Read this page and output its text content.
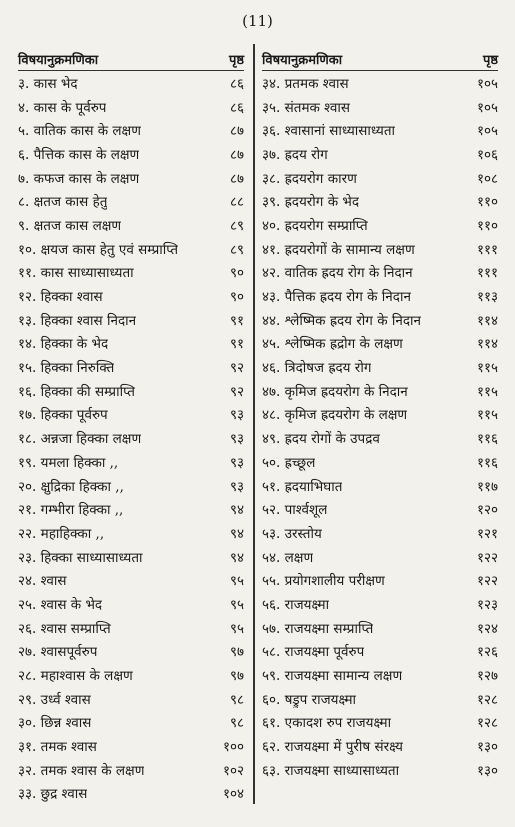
(11)
विषयानुक्रमणिका	पृष्ठ
३. कास भेद	८६
४. कास के पूर्वरुप	८६
५. वातिक कास के लक्षण	८७
६. पैत्तिक कास के लक्षण	८७
७. कफज कास के लक्षण	८७
८. क्षतज कास हेतु	८८
९. क्षतज कास लक्षण	८९
१०. क्षयज कास हेतु एवं सम्प्राप्ति	८९
११. कास साध्यासाध्यता	९०
१२. हिक्का श्वास	९०
१३. हिक्का श्वास निदान	९१
१४. हिक्का के भेद	९१
१५. हिक्का निरुक्ति	९२
१६. हिक्का की सम्प्राप्ति	९२
१७. हिक्का पूर्वरुप	९३
१८. अन्नजा हिक्का लक्षण	९३
१९. यमला हिक्का ,,	९३
२०. क्षुद्रिका हिक्का ,,	९३
२१. गम्भीरा हिक्का ,,	९४
२२. महाहिक्का ,,	९४
२३. हिक्का साध्यासाध्यता	९४
२४. श्वास	९५
२५. श्वास के भेद	९५
२६. श्वास सम्प्राप्ति	९५
२७. श्वासपूर्वरुप	९७
२८. महाश्वास के लक्षण	९७
२९. उर्ध्व श्वास	९८
३०. छिन्न श्वास	९८
३१. तमक श्वास	१००
३२. तमक श्वास के लक्षण	१०२
३३. छुद्र श्वास	१०४
विषयानुक्रमणिका	पृष्ठ
३४. प्रतमक श्वास	१०५
३५. संतमक श्वास	१०५
३६. श्वासानां साध्यासाध्यता	१०५
३७. ह्रदय रोग	१०६
३८. ह्रदयरोग कारण	१०८
३९. ह्रदयरोग के भेद	११०
४०. ह्रदयरोग सम्प्राप्ति	११०
४१. ह्रदयरोगों के सामान्य लक्षण	१११
४२. वातिक ह्रदय रोग के निदान	१११
४३. पैत्तिक ह्रदय रोग के निदान	११३
४४. श्लेष्मिक ह्रदय रोग के निदान	११४
४५. श्लेष्मिक ह्रद्रोग के लक्षण	११४
४६. त्रिदोषज ह्रदय रोग	११५
४७. कृमिज ह्रदयरोग के निदान	११५
४८. कृमिज ह्रदयरोग के लक्षण	११५
४९. ह्रदय रोगों के उपद्रव	११६
५०. ह्रच्छूल	११६
५१. ह्रदयाभिघात	११७
५२. पार्श्वशूल	१२०
५३. उरस्तोय	१२१
५४. लक्षण	१२२
५५. प्रयोगशालीय परीक्षण	१२२
५६. राजयक्ष्मा	१२३
५७. राजयक्ष्मा सम्प्राप्ति	१२४
५८. राजयक्ष्मा पूर्वरुप	१२६
५९. राजयक्ष्मा सामान्य लक्षण	१२७
६०. षड्रुप राजयक्ष्मा	१२८
६१. एकादश रुप राजयक्ष्मा	१२८
६२. राजयक्ष्मा में पुरीष संरक्ष्य	१३०
६३. राजयक्ष्मा साध्यासाध्यता	१३०
